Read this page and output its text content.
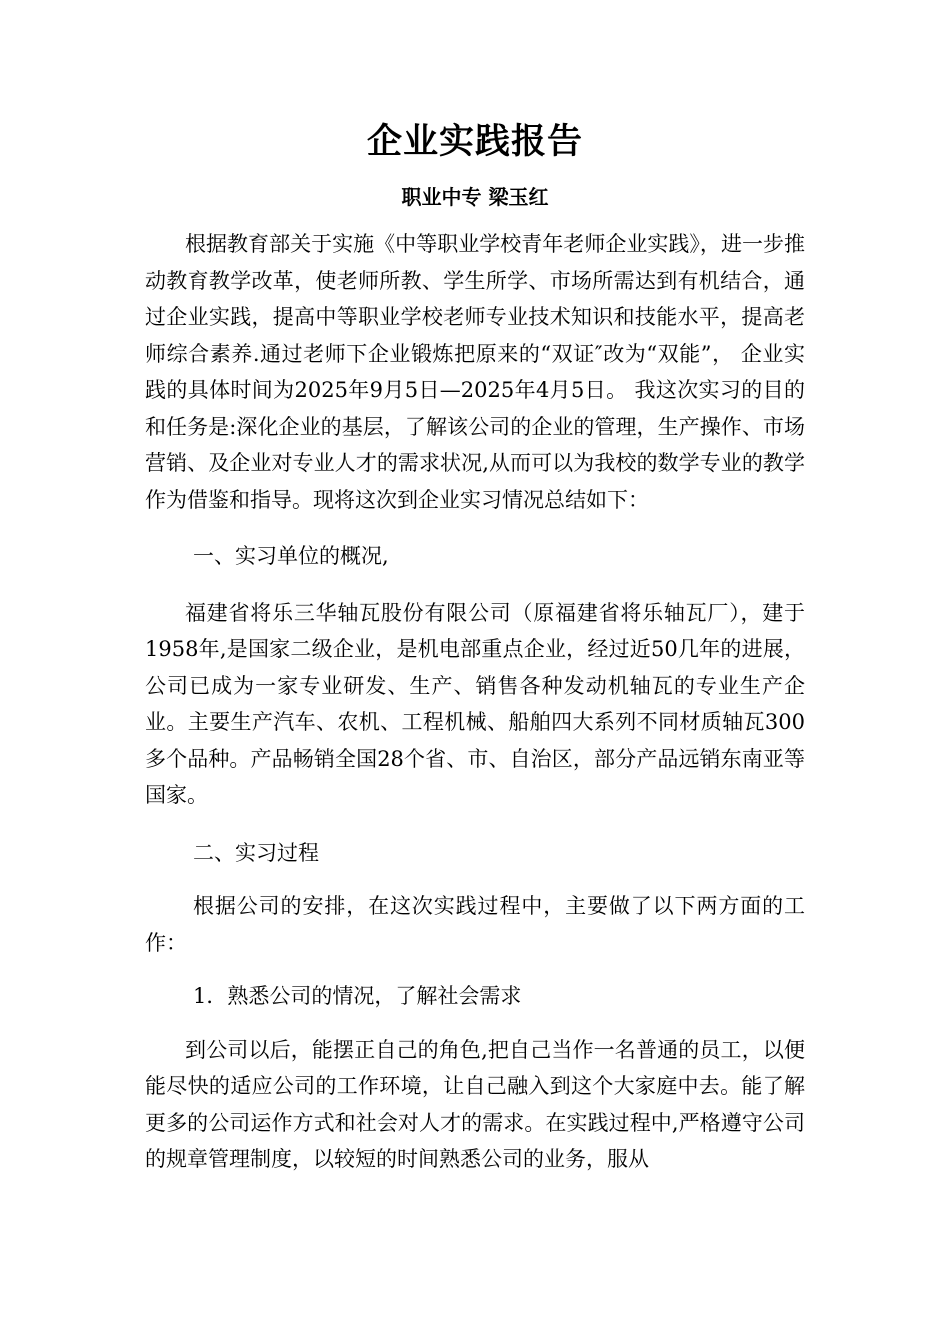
企业实践报告
职业中专 梁玉红

根据教育部关于实施《中等职业学校青年老师企业实践》，进一步推动教育教学改革，使老师所教、学生所学、市场所需达到有机结合，通过企业实践，提高中等职业学校老师专业技术知识和技能水平，提高老师综合素养.通过老师下企业锻炼把原来的“双证″改为“双能”， 企业实践的具体时间为2025年9月5日—2025年4月5日。 我这次实习的目的和任务是:深化企业的基层，了解该公司的企业的管理，生产操作、市场营销、及企业对专业人才的需求状况,从而可以为我校的数学专业的教学作为借鉴和指导。现将这次到企业实习情况总结如下：

一、实习单位的概况,

福建省将乐三华轴瓦股份有限公司（原福建省将乐轴瓦厂），建于1958年,是国家二级企业，是机电部重点企业，经过近50几年的进展， 公司已成为一家专业研发、生产、销售各种发动机轴瓦的专业生产企业。主要生产汽车、农机、工程机械、船舶四大系列不同材质轴瓦300多个品种。产品畅销全国28个省、市、自治区，部分产品远销东南亚等国家。

二、实习过程

根据公司的安排，在这次实践过程中，主要做了以下两方面的工作：

1．熟悉公司的情况，了解社会需求

到公司以后，能摆正自己的角色,把自己当作一名普通的员工，以便能尽快的适应公司的工作环境，让自己融入到这个大家庭中去。能了解更多的公司运作方式和社会对人才的需求。在实践过程中,严格遵守公司的规章管理制度，以较短的时间熟悉公司的业务，服从
